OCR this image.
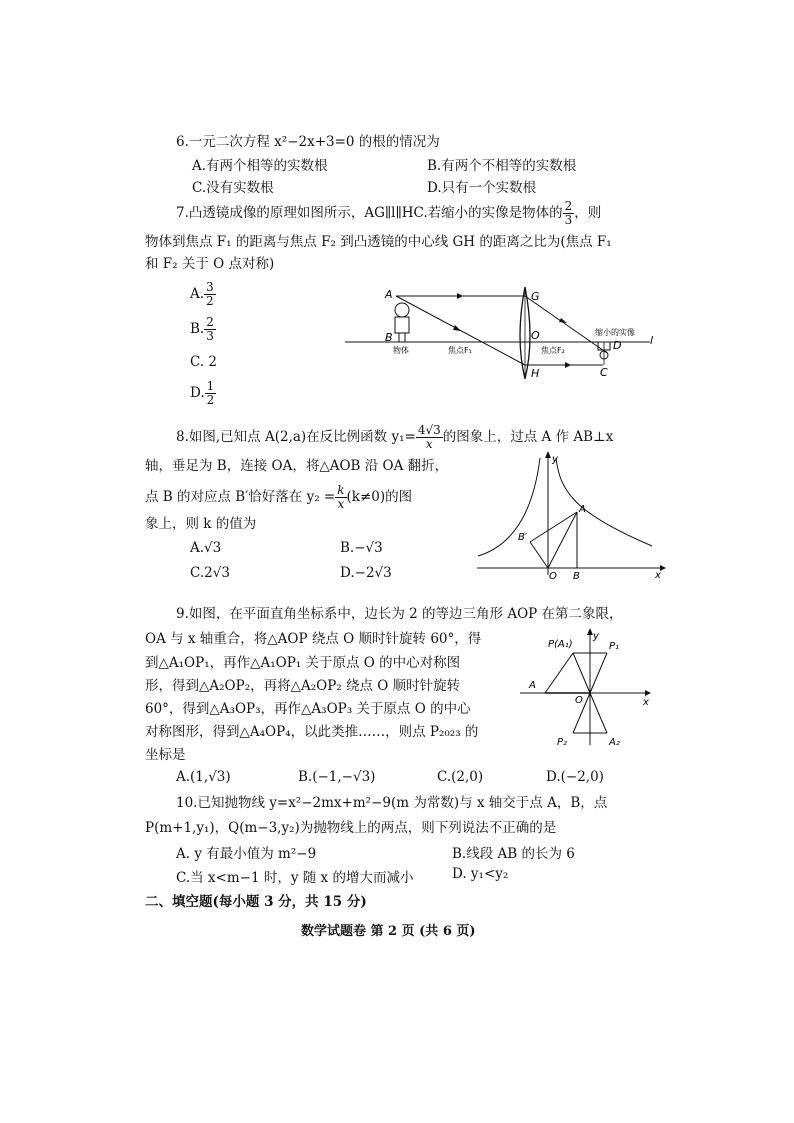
6.一元二次方程 x²−2x+3=0 的根的情况为
A.有两个相等的实数根	B.有两个不相等的实数根
C.没有实数根	D.只有一个实数根
7.凸透镜成像的原理如图所示，AG∥l∥HC.若缩小的实像是物体的 $\frac{2}{3}$ ，则
物体到焦点 F₁ 的距离与焦点 F₂ 到凸透镜的中心线 GH 的距离之比为(焦点 F₁
和 F₂ 关于 O 点对称)
A. $\frac{3}{2}$
B. $\frac{2}{3}$
C. 2
D. $\frac{1}{2}$
A
B
G
O
H	C
D	l
物体	焦点F₁	焦点F₂
缩小的实像
8.如图,已知点 A(2,a)在反比例函数 $y_1= \frac{4√3}{x}$ 的图象上，过点 A 作 AB⊥x
轴，垂足为 B，连接 OA，将△AOB 沿 OA 翻折，
点 B 的对应点 B′恰好落在 $y_2 = \frac{k}{x} (k\ne 0)$的图
象上，则 k 的值为
A.√3	B.−√3
C.2√3	D.−2√3
y
x
A
B′
O B
9.如图，在平面直角坐标系中，边长为 2 的等边三角形 AOP 在第二象限，
OA 与 x 轴重合，将△AOP 绕点 O 顺时针旋转 60°，得
到△A₁OP₁，再作△A₁OP₁ 关于原点 O 的中心对称图
形，得到△A₂OP₂，再将△A₂OP₂ 绕点 O 顺时针旋转
60°，得到△A₃OP₃，再作△A₃OP₃ 关于原点 O 的中心
对称图形，得到△A₄OP₄，以此类推……，则点 P₂₀₂₃ 的
坐标是
A.(1,√3)	B.(−1,−√3)	C.(2,0)	D.(−2,0)
P(A₁)	P₁
y
A
O	x
P₂	A₂
10.已知抛物线 y=x²−2mx+m²−9(m 为常数)与 x 轴交于点 A，B，点
P(m+1,y₁)，Q(m−3,y₂)为抛物线上的两点，则下列说法不正确的是
A. y 有最小值为 m²−9	B.线段 AB 的长为 6
C.当 x<m−1 时，y 随 x 的增大而减小	D. y₁<y₂
二、填空题(每小题 3 分，共 15 分)
数学试题卷 第 2 页 (共 6 页)
